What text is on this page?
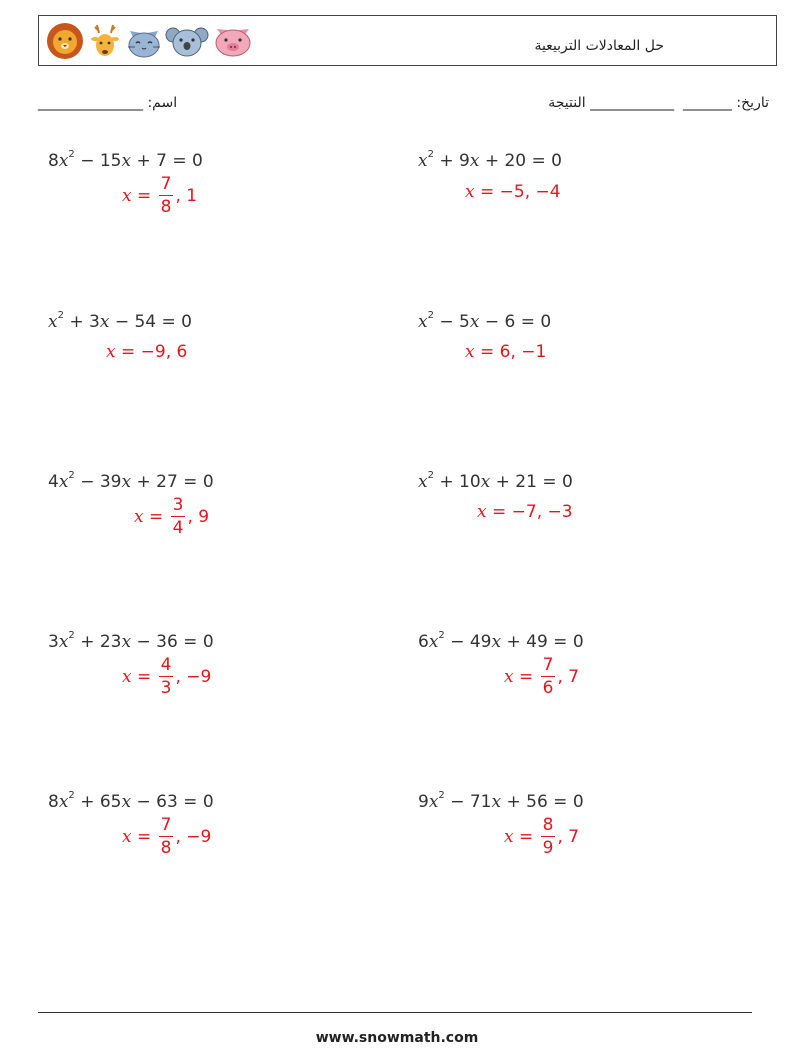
حل المعادلات التربيعية
اسم: _______________	تاريخ: _______  ____________ النتيجة
$8x^2 - 15x + 7 = 0$
$x = \frac{7}{8}$ , 1
$x^2 + 9x + 20 = 0$
x = −5, −4
$x^2 + 3x - 54 = 0$
x = −9, 6
$x^2 - 5x - 6 = 0$
x = 6, −1
$4x^2 - 39x + 27 = 0$
$x = \frac{3}{4}$ , 9
$x^2 + 10x + 21 = 0$
x = −7, −3
$3x^2 + 23x - 36 = 0$
$x = \frac{4}{3}$ , −9
$6x^2 - 49x + 49 = 0$
$x = \frac{7}{6}$ , 7
$8x^2 + 65x - 63 = 0$
$x = \frac{7}{8}$ , −9
$9x^2 - 71x + 56 = 0$
$x = \frac{8}{9}$ , 7
www.snowmath.com
